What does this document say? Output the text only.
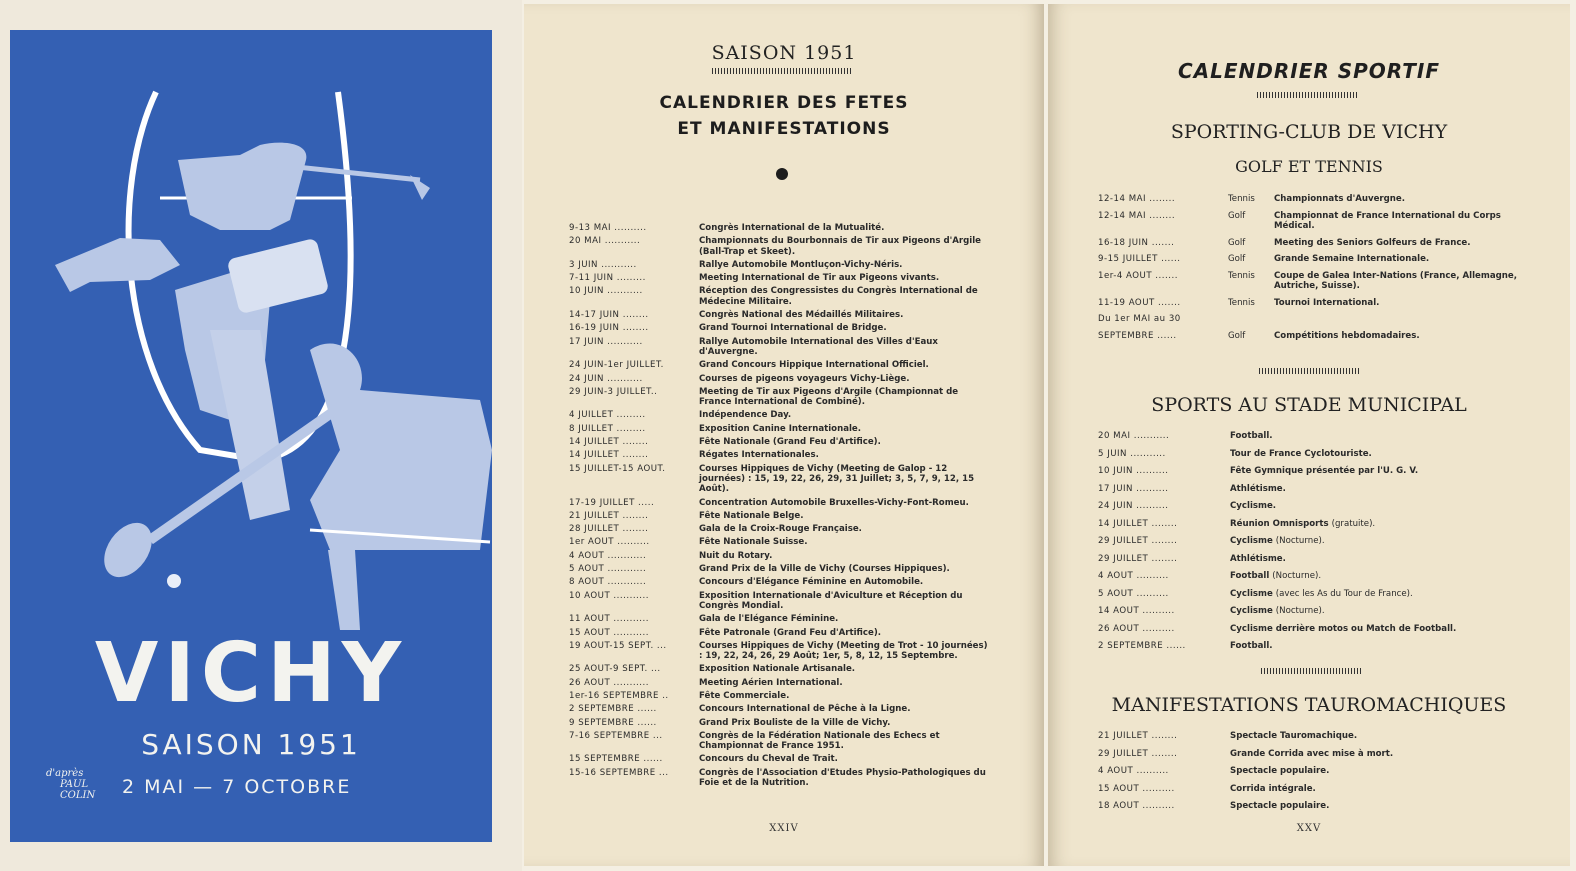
VICHY
SAISON 1951
d'après
PAUL
COLIN	2 MAI — 7 OCTOBRE
SAISON 1951
CALENDRIER DES FETES
ET MANIFESTATIONS
9-13 MAI ..........	Congrès International de la Mutualité.
20 MAI ...........	Championnats du Bourbonnais de Tir aux Pigeons d'Argile (Ball-Trap et Skeet).
3 JUIN ...........	Rallye Automobile Montluçon-Vichy-Néris.
7-11 JUIN .........	Meeting International de Tir aux Pigeons vivants.
10 JUIN ...........	Réception des Congressistes du Congrès International de Médecine Militaire.
14-17 JUIN ........	Congrès National des Médaillés Militaires.
16-19 JUIN ........	Grand Tournoi International de Bridge.
17 JUIN ...........	Rallye Automobile International des Villes d'Eaux d'Auvergne.
24 JUIN-1er JUILLET.	Grand Concours Hippique International Officiel.
24 JUIN ...........	Courses de pigeons voyageurs Vichy-Liège.
29 JUIN-3 JUILLET..	Meeting de Tir aux Pigeons d'Argile (Championnat de France International de Combiné).
4 JUILLET .........	Indépendence Day.
8 JUILLET .........	Exposition Canine Internationale.
14 JUILLET ........	Fête Nationale (Grand Feu d'Artifice).
14 JUILLET ........	Régates Internationales.
15 JUILLET-15 AOUT.	Courses Hippiques de Vichy (Meeting de Galop - 12 journées) : 15, 19, 22, 26, 29, 31 Juillet; 3, 5, 7, 9, 12, 15 Août).
17-19 JUILLET .....	Concentration Automobile Bruxelles-Vichy-Font-Romeu.
21 JUILLET ........	Fête Nationale Belge.
28 JUILLET ........	Gala de la Croix-Rouge Française.
1er AOUT ..........	Fête Nationale Suisse.
4 AOUT ............	Nuit du Rotary.
5 AOUT ............	Grand Prix de la Ville de Vichy (Courses Hippiques).
8 AOUT ............	Concours d'Elégance Féminine en Automobile.
10 AOUT ...........	Exposition Internationale d'Aviculture et Réception du Congrès Mondial.
11 AOUT ...........	Gala de l'Elégance Féminine.
15 AOUT ...........	Fête Patronale (Grand Feu d'Artifice).
19 AOUT-15 SEPT. ...	Courses Hippiques de Vichy (Meeting de Trot - 10 journées) : 19, 22, 24, 26, 29 Août; 1er, 5, 8, 12, 15 Septembre.
25 AOUT-9 SEPT. ...	Exposition Nationale Artisanale.
26 AOUT ...........	Meeting Aérien International.
1er-16 SEPTEMBRE ..	Fête Commerciale.
2 SEPTEMBRE ......	Concours International de Pêche à la Ligne.
9 SEPTEMBRE ......	Grand Prix Bouliste de la Ville de Vichy.
7-16 SEPTEMBRE ...	Congrès de la Fédération Nationale des Echecs et Championnat de France 1951.
15 SEPTEMBRE ......	Concours du Cheval de Trait.
15-16 SEPTEMBRE ...	Congrès de l'Association d'Etudes Physio-Pathologiques du Foie et de la Nutrition.
XXIV
CALENDRIER SPORTIF
SPORTING-CLUB DE VICHY
GOLF ET TENNIS
12-14 MAI ........	Tennis	Championnats d'Auvergne.
12-14 MAI ........	Golf	Championnat de France International du Corps Médical.
16-18 JUIN .......	Golf	Meeting des Seniors Golfeurs de France.
9-15 JUILLET ......	Golf	Grande Semaine Internationale.
1er-4 AOUT .......	Tennis	Coupe de Galea Inter-Nations (France, Allemagne, Autriche, Suisse).
11-19 AOUT .......	Tennis	Tournoi International.
Du 1er MAI au 30
SEPTEMBRE ......	Golf	Compétitions hebdomadaires.
SPORTS AU STADE MUNICIPAL
20 MAI ...........	Football.
5 JUIN ...........	Tour de France Cyclotouriste.
10 JUIN ..........	Fête Gymnique présentée par l'U. G. V.
17 JUIN ..........	Athlétisme.
24 JUIN ..........	Cyclisme.
14 JUILLET ........	Réunion Omnisports (gratuite).
29 JUILLET ........	Cyclisme (Nocturne).
29 JUILLET ........	Athlétisme.
4 AOUT ..........	Football (Nocturne).
5 AOUT ..........	Cyclisme (avec les As du Tour de France).
14 AOUT ..........	Cyclisme (Nocturne).
26 AOUT ..........	Cyclisme derrière motos ou Match de Football.
2 SEPTEMBRE ......	Football.
MANIFESTATIONS TAUROMACHIQUES
21 JUILLET ........	Spectacle Tauromachique.
29 JUILLET ........	Grande Corrida avec mise à mort.
4 AOUT ..........	Spectacle populaire.
15 AOUT ..........	Corrida intégrale.
18 AOUT ..........	Spectacle populaire.
XXV
